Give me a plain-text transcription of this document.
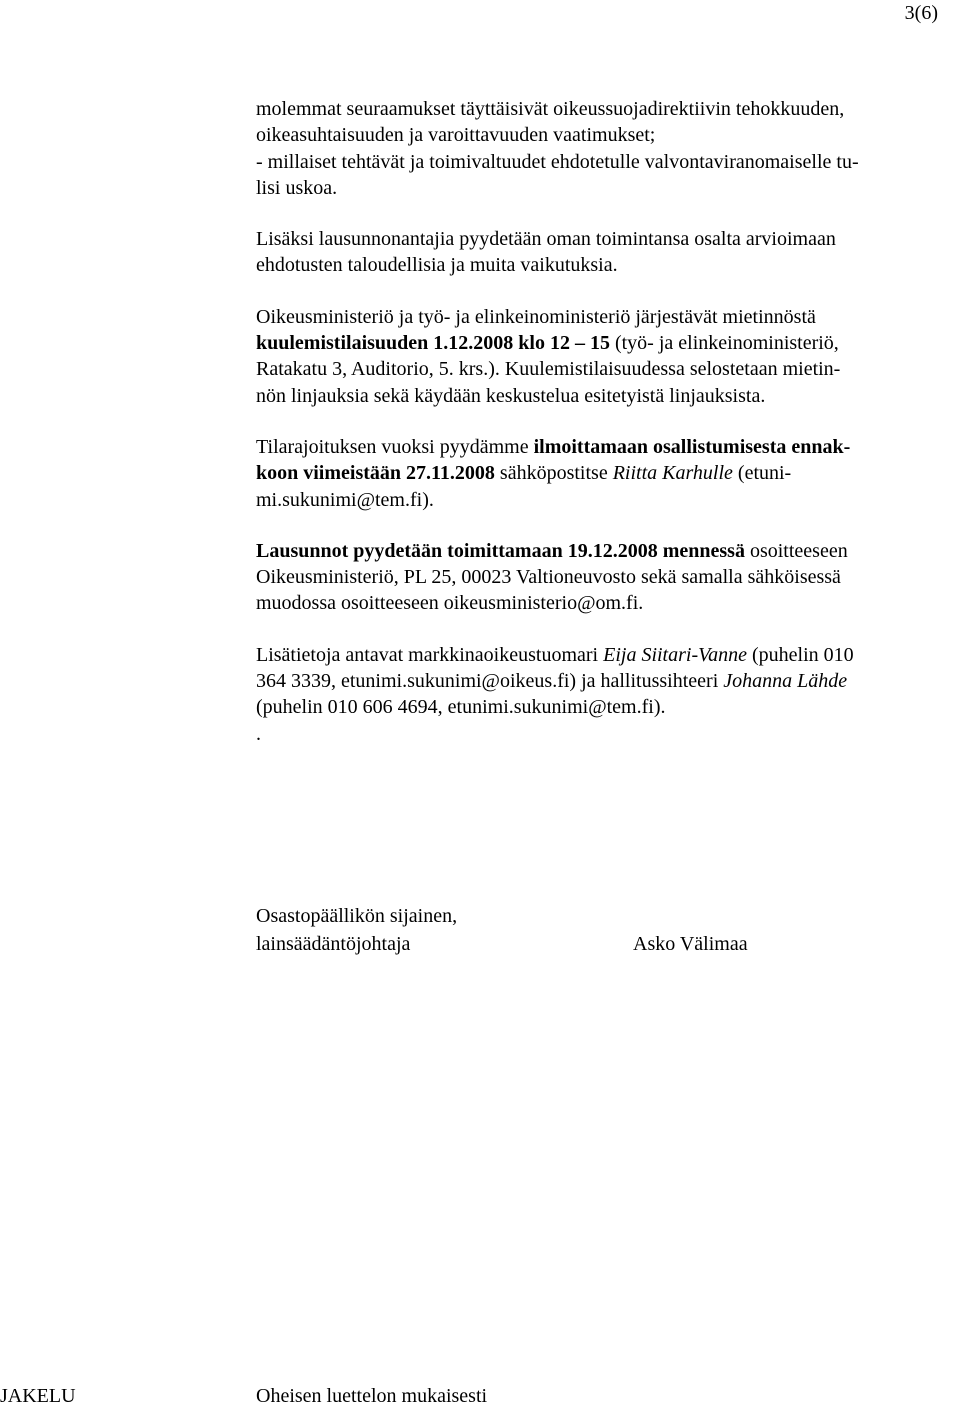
3(6)

molemmat seuraamukset täyttäisivät oikeussuojadirektiivin tehokkuuden,
oikeasuhtaisuuden ja varoittavuuden vaatimukset;
- millaiset tehtävät ja toimivaltuudet ehdotetulle valvontaviranomaiselle tu-
lisi uskoa.

Lisäksi lausunnonantajia pyydetään oman toimintansa osalta arvioimaan
ehdotusten taloudellisia ja muita vaikutuksia.

Oikeusministeriö ja työ- ja elinkeinoministeriö järjestävät mietinnöstä
kuulemistilaisuuden 1.12.2008 klo 12 – 15 (työ- ja elinkeinoministeriö,
Ratakatu 3, Auditorio, 5. krs.). Kuulemistilaisuudessa selostetaan mietin-
nön linjauksia sekä käydään keskustelua esitetyistä linjauksista.

Tilarajoituksen vuoksi pyydämme ilmoittamaan osallistumisesta ennak-
koon viimeistään 27.11.2008 sähköpostitse Riitta Karhulle (etuni-
mi.sukunimi@tem.fi).

Lausunnot pyydetään toimittamaan 19.12.2008 mennessä osoitteeseen
Oikeusministeriö, PL 25, 00023 Valtioneuvosto sekä samalla sähköisessä
muodossa osoitteeseen oikeusministerio@om.fi.

Lisätietoja antavat markkinaoikeustuomari Eija Siitari-Vanne (puhelin 010
364 3339, etunimi.sukunimi@oikeus.fi) ja hallitussihteeri Johanna Lähde
(puhelin 010 606 4694, etunimi.sukunimi@tem.fi).
.

Osastopäällikön sijainen,
lainsäädäntöjohtaja	Asko Välimaa
JAKELU	Oheisen luettelon mukaisesti
